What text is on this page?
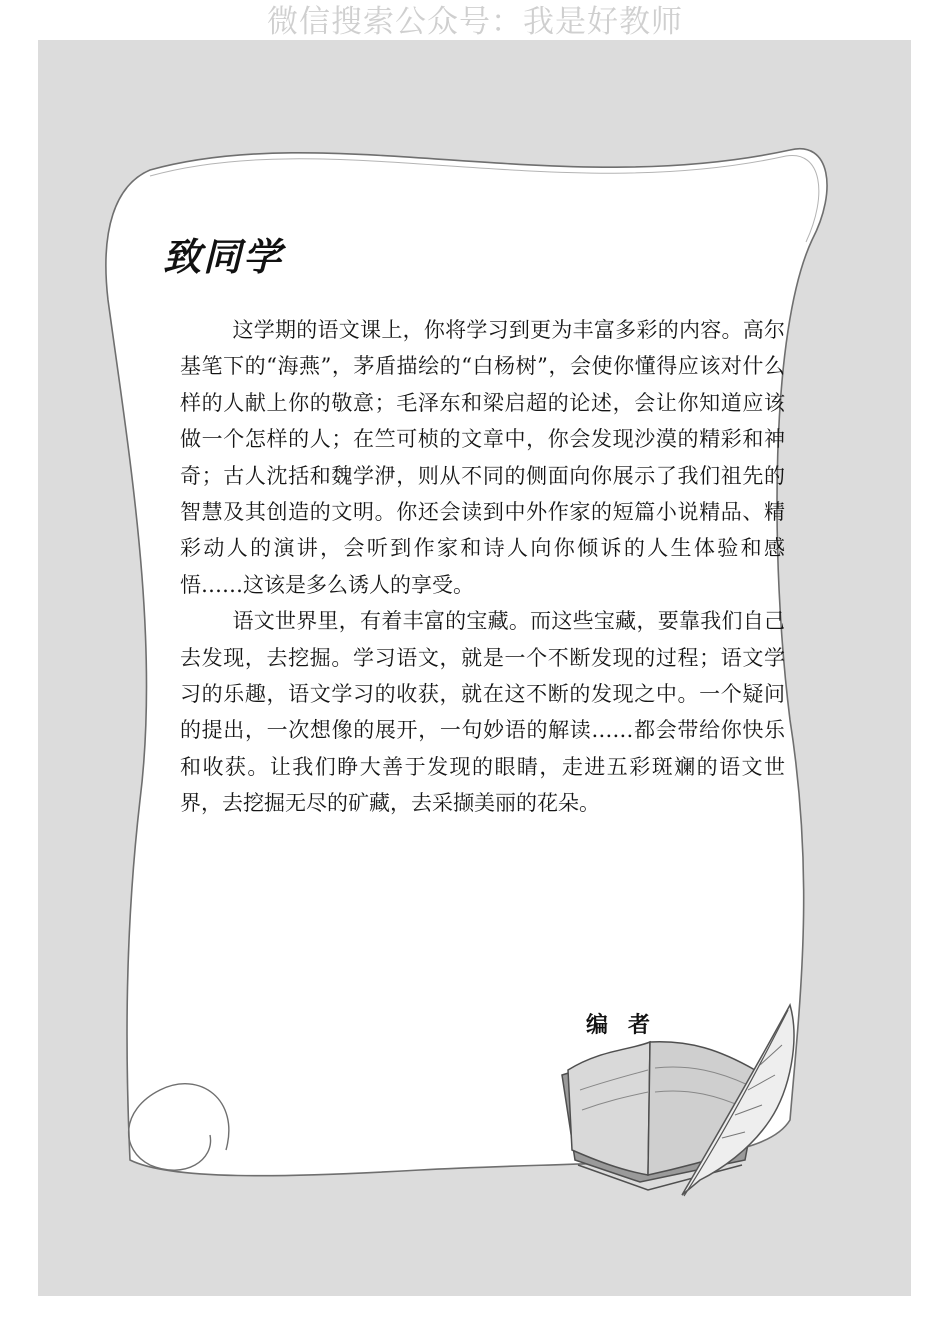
微信搜索公众号：我是好教师
致同学

这学期的语文课上，你将学习到更为丰富多彩的内容。高尔基笔下的“海燕”，茅盾描绘的“白杨树”，会使你懂得应该对什么样的人献上你的敬意；毛泽东和梁启超的论述，会让你知道应该做一个怎样的人；在竺可桢的文章中，你会发现沙漠的精彩和神奇；古人沈括和魏学洢，则从不同的侧面向你展示了我们祖先的智慧及其创造的文明。你还会读到中外作家的短篇小说精品、精彩动人的演讲，会听到作家和诗人向你倾诉的人生体验和感悟……这该是多么诱人的享受。

语文世界里，有着丰富的宝藏。而这些宝藏，要靠我们自己去发现，去挖掘。学习语文，就是一个不断发现的过程；语文学习的乐趣，语文学习的收获，就在这不断的发现之中。一个疑问的提出，一次想像的展开，一句妙语的解读……都会带给你快乐和收获。让我们睁大善于发现的眼睛，走进五彩斑斓的语文世界，去挖掘无尽的矿藏，去采撷美丽的花朵。

编者
